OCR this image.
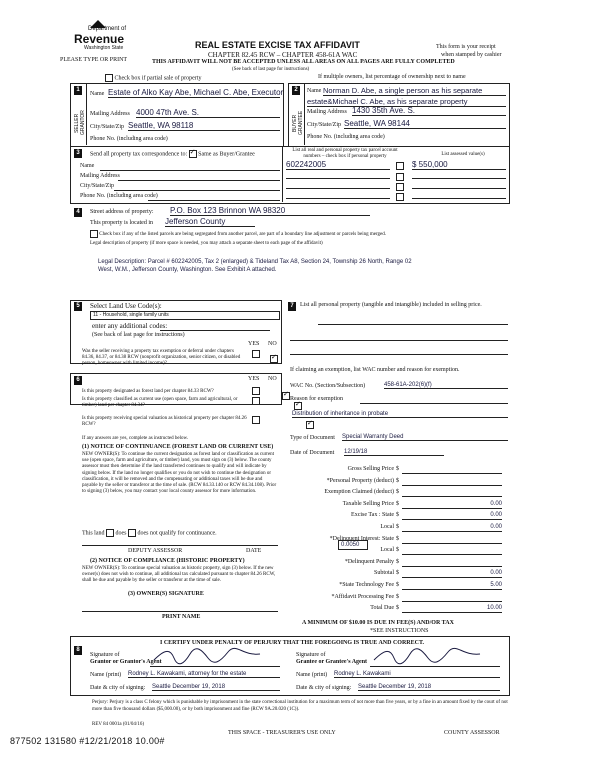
Department of
Revenue
Washington State
PLEASE TYPE OR PRINT
REAL ESTATE EXCISE TAX AFFIDAVIT
CHAPTER 82.45 RCW – CHAPTER 458-61A WAC
THIS AFFIDAVIT WILL NOT BE ACCEPTED UNLESS ALL AREAS ON ALL PAGES ARE FULLY COMPLETED
(See back of last page for instructions)
This form is your receipt
when stamped by cashier
Check box if partial sale of property	If multiple owners, list percentage of ownership next to name
1
SELLER GRANTOR
Name Estate of Alko Kay Abe, Michael C. Abe, Executor
Mailing Address 4000 47th Ave. S.
City/State/Zip Seattle, WA 98118
Phone No. (including area code)
2
BUYER GRANTEE
Name Norman D. Abe, a single person as his separate
estate&Michael C. Abe, as his separate property
Mailing Address 1430 35th Ave. S.
City/State/Zip Seattle, WA 98144
Phone No. (including area code)
3	Send all property tax correspondence to: ✓ Same as Buyer/Grantee
Name
Mailing Address
City/State/Zip
Phone No. (including area code)
List all real and personal property tax parcel account numbers – check box if personal property	List assessed value(s)
602242005	$ 550,000
4	Street address of property: P.O. Box 123 Brinnon WA 98320
This property is located in Jefferson County
Check box if any of the listed parcels are being segregated from another parcel, are part of a boundary line adjustment or parcels being merged.
Legal description of property (if more space is needed, you may attach a separate sheet to each page of the affidavit)
Legal Description: Parcel # 602242005, Tax 2 (enlarged) & Tideland Tax A8, Section 24, Township 26 North, Range 02 West, W.M., Jefferson County, Washington. See Exhibit A attached.
5	Select Land Use Code(s):
11 - Household, single family units
enter any additional codes:
(See back of last page for instructions)
YES NO
Was the seller receiving a property tax exemption or deferral under chapters 84.36, 84.37, or 84.38 RCW (nonprofit organization, senior citizen, or disabled person, homeowner with limited income)?
✓
6	YES NO
Is this property designated as forest land per chapter 84.33 RCW?
✓
Is this property classified as current use (open space, farm and agricultural, or timber) land per chapter 84.34?
✓
Is this property receiving special valuation as historical property per chapter 84.26 RCW?
✓
If any answers are yes, complete as instructed below.
(1) NOTICE OF CONTINUANCE (FOREST LAND OR CURRENT USE)
NEW OWNER(S): To continue the current designation as forest land or classification as current use (open space, farm and agriculture, or timber) land, you must sign on (3) below. The county assessor must then determine if the land transferred continues to qualify and will indicate by signing below. If the land no longer qualifies or you do not wish to continue the designation or classification, it will be removed and the compensating or additional taxes will be due and payable by the seller or transferor at the time of sale. (RCW 84.33.140 or RCW 84.34.108). Prior to signing (3) below, you may contact your local county assessor for more information.
This land does does not qualify for continuance.
DEPUTY ASSESSOR	DATE
(2) NOTICE OF COMPLIANCE (HISTORIC PROPERTY)
NEW OWNER(S): To continue special valuation as historic property, sign (3) below. If the new owner(s) does not wish to continue, all additional tax calculated pursuant to chapter 84.26 RCW, shall be due and payable by the seller or transferor at the time of sale.
(3) OWNER(S) SIGNATURE
PRINT NAME
7	List all personal property (tangible and intangible) included in selling price.
If claiming an exemption, list WAC number and reason for exemption.
WAC No. (Section/Subsection)	458-61A-202(6)(f)
Reason for exemption
Distribution of inheritance in probate
Type of Document Special Warranty Deed
Date of Document 12/19/18
Gross Selling Price $
*Personal Property (deduct) $
Exemption Claimed (deduct) $
Taxable Selling Price $	0.00
Excise Tax : State $	0.00
Local $	0.00
*Delinquent Interest: State $
Local $
*Delinquent Penalty $
Subtotal $	0.00
*State Technology Fee $	5.00
*Affidavit Processing Fee $
Total Due $	10.00
0.0050
A MINIMUM OF $10.00 IS DUE IN FEE(S) AND/OR TAX
*SEE INSTRUCTIONS
8
I CERTIFY UNDER PENALTY OF PERJURY THAT THE FOREGOING IS TRUE AND CORRECT.
Signature of
Grantor or Grantor's Agent
Signature of
Grantee or Grantee's Agent
Name (print) Rodney L. Kawakami, attorney for the estate	Name (print) Rodney L. Kawakami
Date & city of signing: Seattle December 19, 2018	Date & city of signing: Seattle December 19, 2018
Perjury: Perjury is a class C felony which is punishable by imprisonment in the state correctional institution for a maximum term of not more than five years, or by a fine in an amount fixed by the court of not more than five thousand dollars ($5,000.00), or by both imprisonment and fine (RCW 9A.20.020 (1C)).
REV 84 0001a (01/04/16)
THIS SPACE - TREASURER'S USE ONLY	COUNTY ASSESSOR
877502 131580 #12/21/2018 10.00#
